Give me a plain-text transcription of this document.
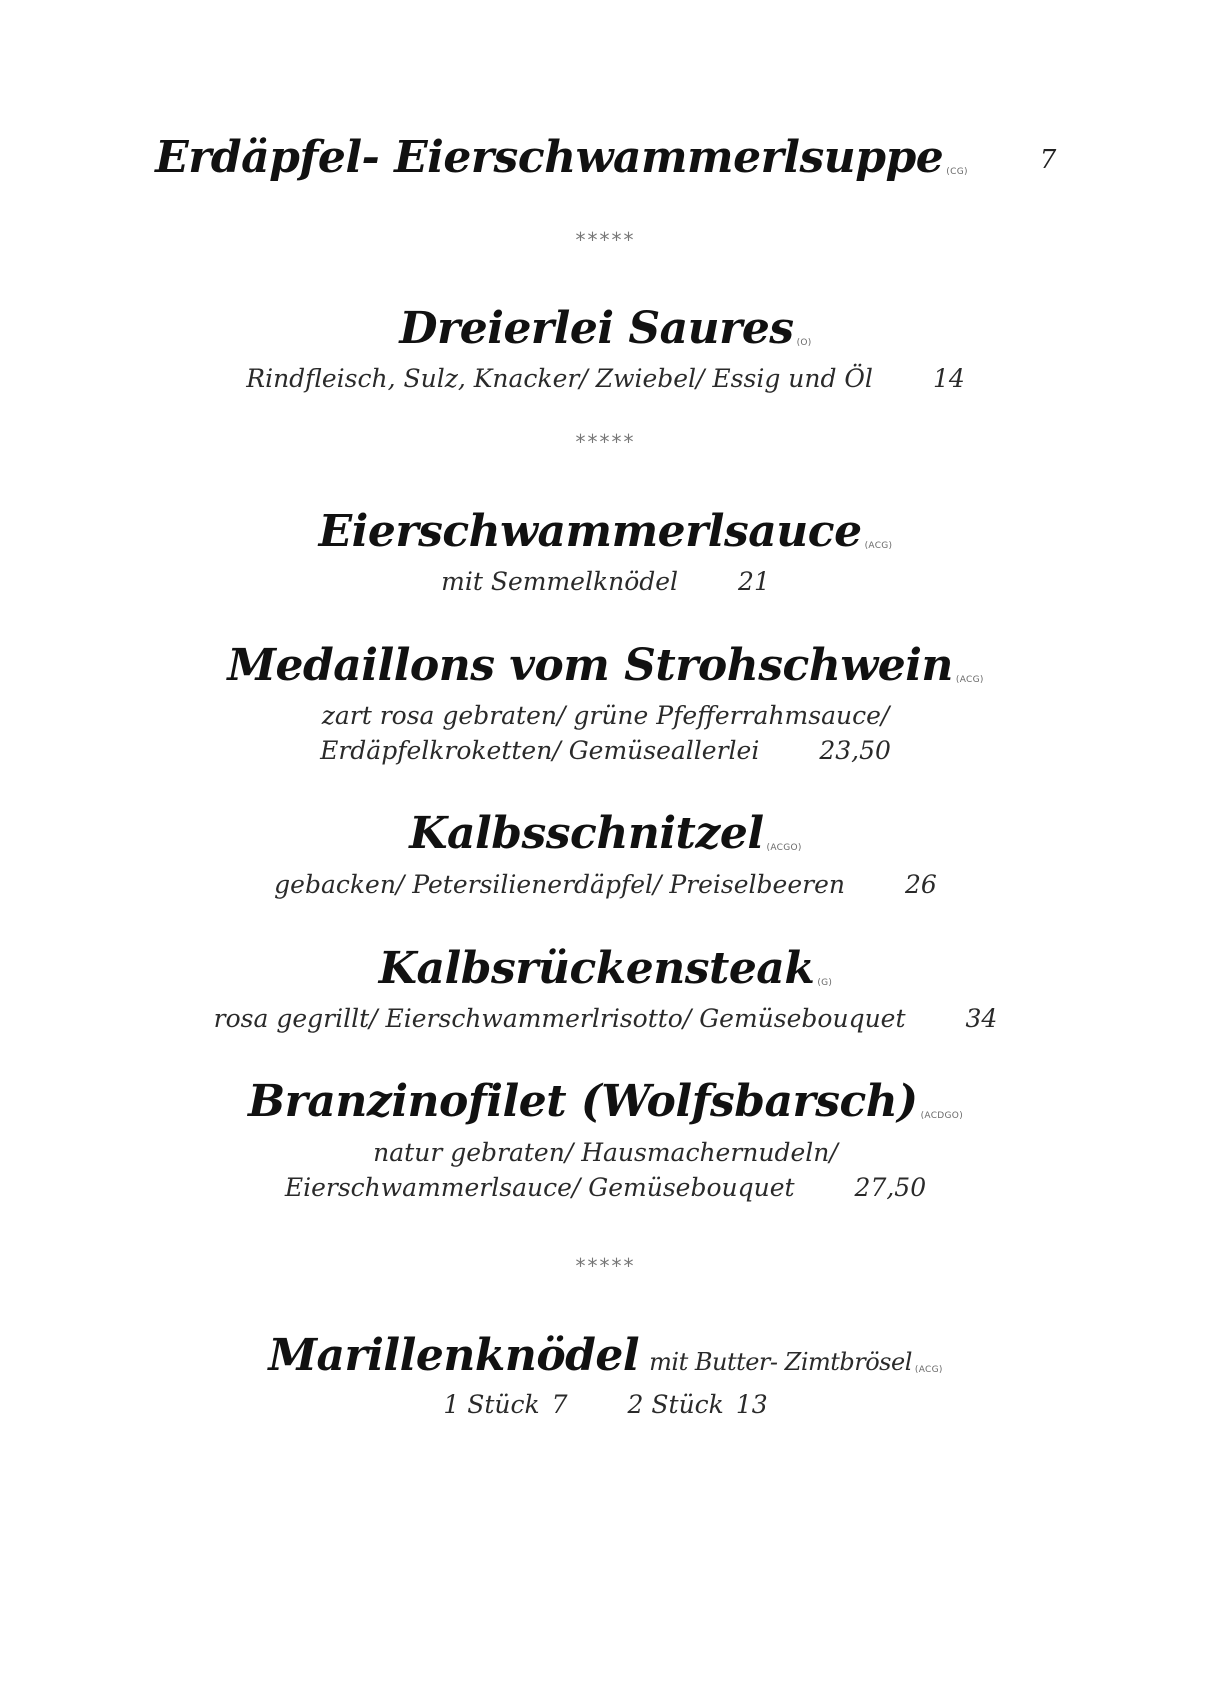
Erdäpfel- Eierschwammerlsuppe (CG)	7
*****
Dreierlei Saures (O)
Rindfleisch, Sulz, Knacker/ Zwiebel/ Essig und Öl 14
*****
Eierschwammerlsauce (ACG)
mit Semmelknödel 21
Medaillons vom Strohschwein (ACG)
zart rosa gebraten/ grüne Pfefferrahmsauce/
Erdäpfelkroketten/ Gemüseallerlei 23,50
Kalbsschnitzel (ACGO)
gebacken/ Petersilienerdäpfel/ Preiselbeeren 26
Kalbsrückensteak (G)
rosa gegrillt/ Eierschwammerlrisotto/ Gemüsebouquet 34
Branzinofilet (Wolfsbarsch) (ACDGO)
natur gebraten/ Hausmachernudeln/
Eierschwammerlsauce/ Gemüsebouquet 27,50
*****
Marillenknödel mit Butter- Zimtbrösel (ACG)
1 Stück 7 2 Stück 13
